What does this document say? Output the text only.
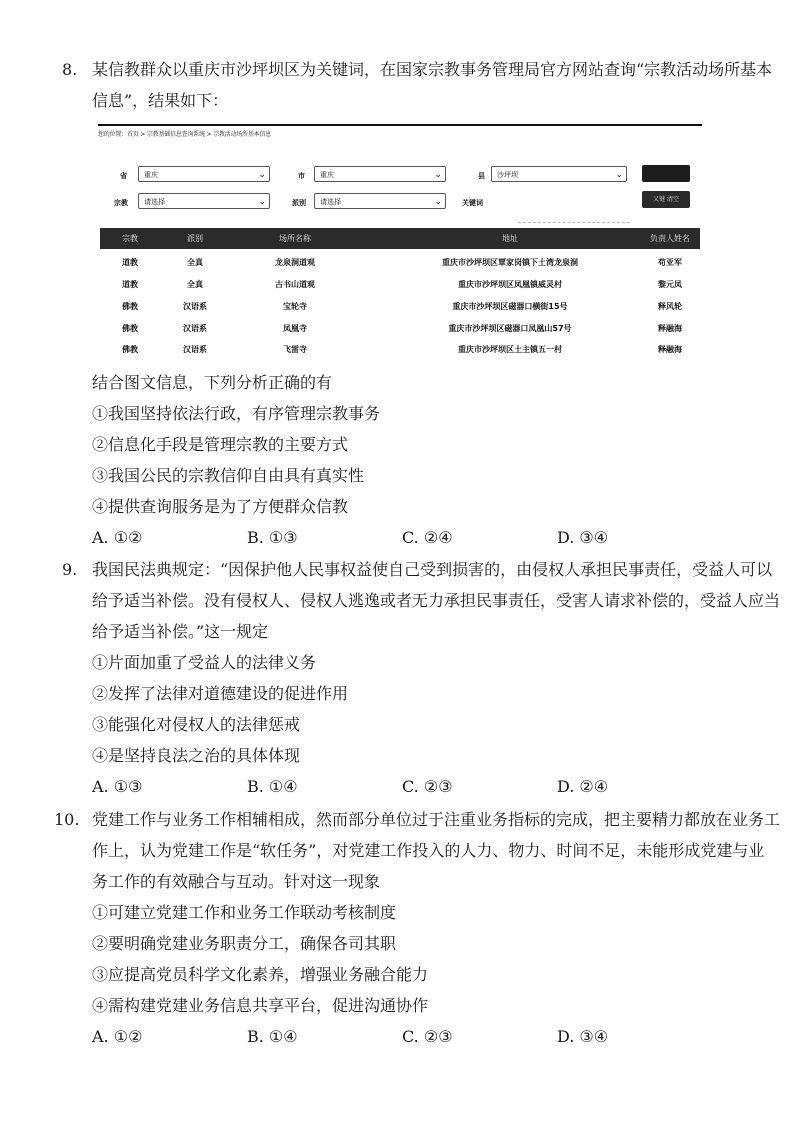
8. 某信教群众以重庆市沙坪坝区为关键词，在国家宗教事务管理局官方网站查询“宗教活动场所基本
信息”，结果如下：
您的位置：首页 > 宗教基础信息查询系统 > 宗教活动场所基本信息
省	重庆	⌄	市	重庆	⌄	县	沙坪坝	⌄
宗教	请选择	⌄	派别	请选择	⌄	关键词	又键 清空
宗教	派别	场所名称	地址	负责人姓名
道教	全真	龙泉洞道观	重庆市沙坪坝区覃家岗镇下土湾龙泉洞	苟亚军
道教	全真	古书山道观	重庆市沙坪坝区凤凰镇威灵村	黎元凤
佛教	汉语系	宝轮寺	重庆市沙坪坝区磁器口横街15号	释风轮
佛教	汉语系	凤凰寺	重庆市沙坪坝区磁器口凤凰山57号	释融海
佛教	汉语系	飞雷寺	重庆市沙坪坝区土主镇五一村	释融海
结合图文信息，下列分析正确的有
①我国坚持依法行政，有序管理宗教事务
②信息化手段是管理宗教的主要方式
③我国公民的宗教信仰自由具有真实性
④提供查询服务是为了方便群众信教
A. ①②	B. ①③	C. ②④	D. ③④
9. 我国民法典规定：“因保护他人民事权益使自己受到损害的，由侵权人承担民事责任，受益人可以
给予适当补偿。没有侵权人、侵权人逃逸或者无力承担民事责任，受害人请求补偿的，受益人应当
给予适当补偿。”这一规定
①片面加重了受益人的法律义务
②发挥了法律对道德建设的促进作用
③能强化对侵权人的法律惩戒
④是坚持良法之治的具体体现
A. ①③	B. ①④	C. ②③	D. ②④
10. 党建工作与业务工作相辅相成，然而部分单位过于注重业务指标的完成，把主要精力都放在业务工
作上，认为党建工作是“软任务”，对党建工作投入的人力、物力、时间不足，未能形成党建与业
务工作的有效融合与互动。针对这一现象
①可建立党建工作和业务工作联动考核制度
②要明确党建业务职责分工，确保各司其职
③应提高党员科学文化素养，增强业务融合能力
④需构建党建业务信息共享平台，促进沟通协作
A. ①②	B. ①④	C. ②③	D. ③④
